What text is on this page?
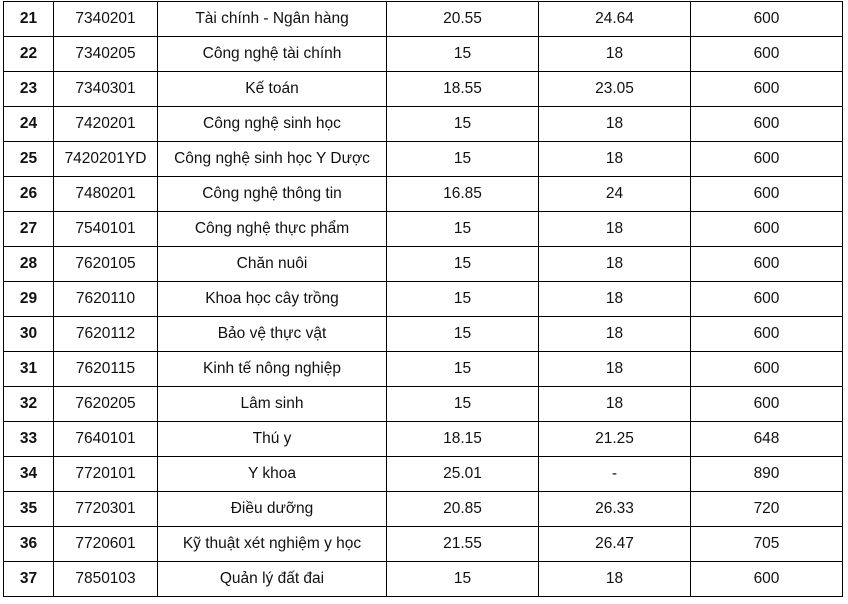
21	7340201	Tài chính - Ngân hàng	20.55	24.64	600
22	7340205	Công nghệ tài chính	15	18	600
23	7340301	Kế toán	18.55	23.05	600
24	7420201	Công nghệ sinh học	15	18	600
25	7420201YD	Công nghệ sinh học Y Dược	15	18	600
26	7480201	Công nghệ thông tin	16.85	24	600
27	7540101	Công nghệ thực phẩm	15	18	600
28	7620105	Chăn nuôi	15	18	600
29	7620110	Khoa học cây trồng	15	18	600
30	7620112	Bảo vệ thực vật	15	18	600
31	7620115	Kinh tế nông nghiệp	15	18	600
32	7620205	Lâm sinh	15	18	600
33	7640101	Thú y	18.15	21.25	648
34	7720101	Y khoa	25.01	-	890
35	7720301	Điều dưỡng	20.85	26.33	720
36	7720601	Kỹ thuật xét nghiệm y học	21.55	26.47	705
37	7850103	Quản lý đất đai	15	18	600
